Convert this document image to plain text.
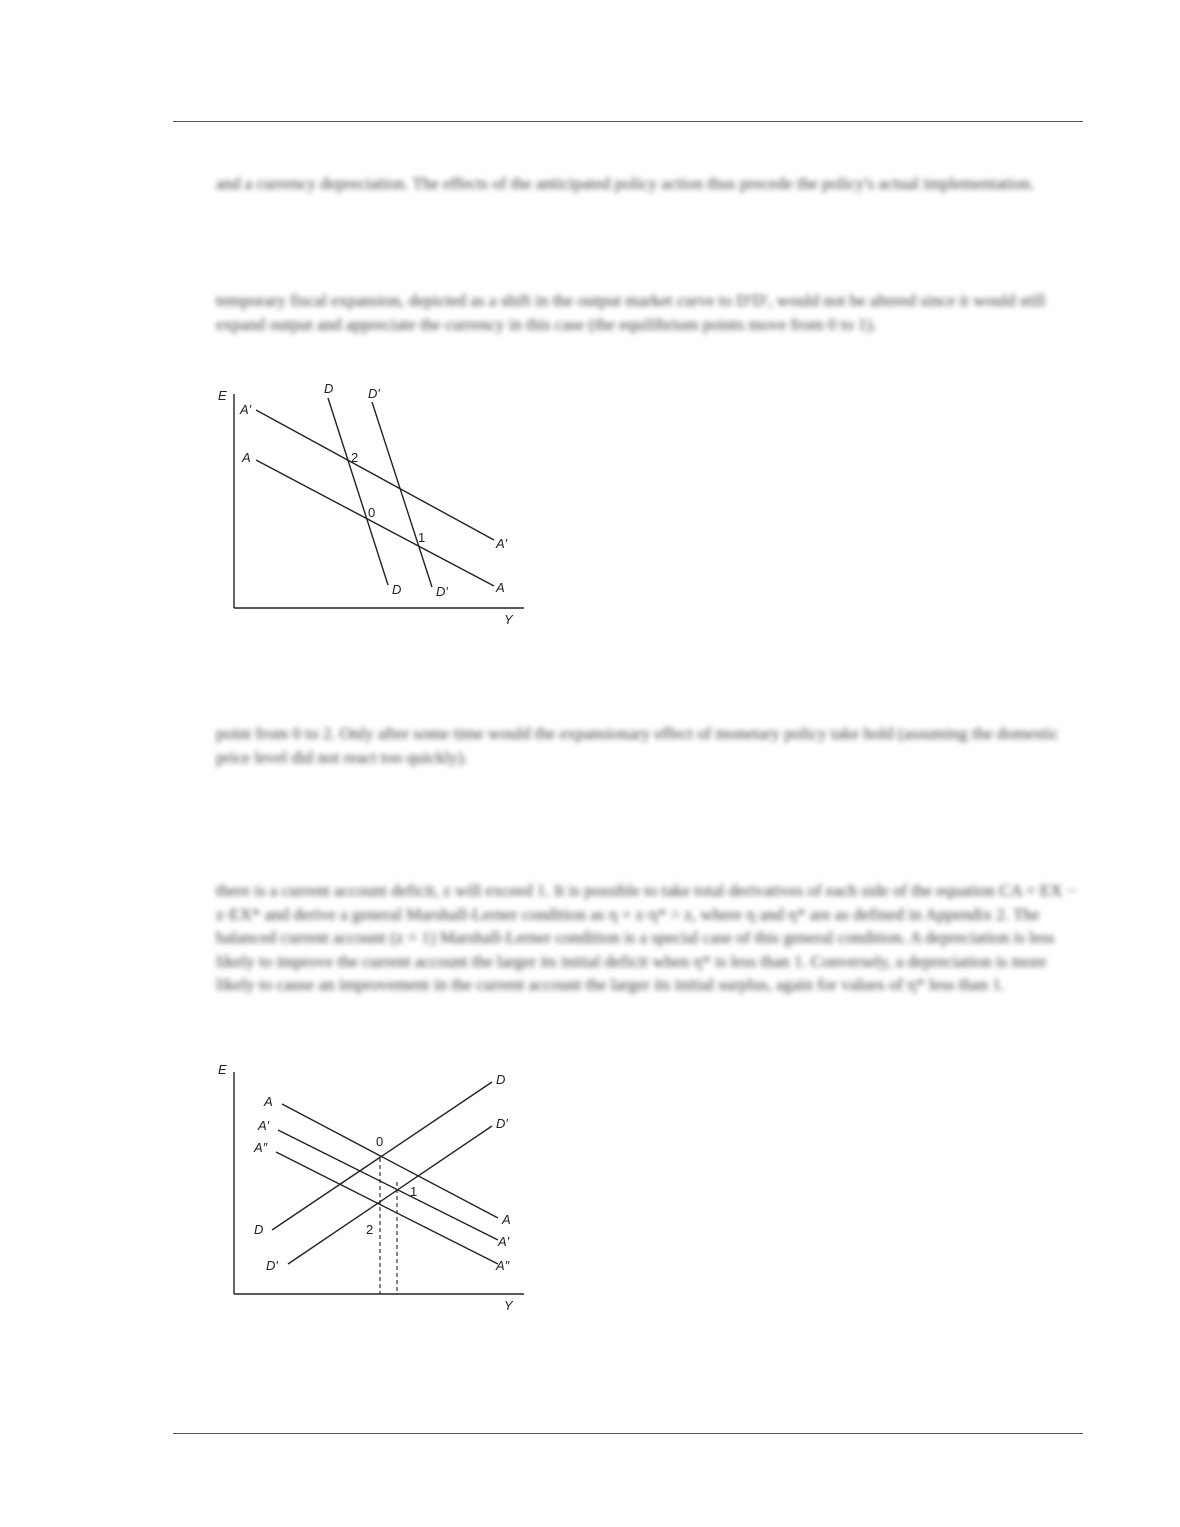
and a currency depreciation. The effects of the anticipated policy action thus precede the policy's actual implementation.

temporary fiscal expansion, depicted as a shift in the output market curve to D′D′, would not be altered since it would still expand output and appreciate the currency in this case (the equilibrium points move from 0 to 1).

E
Y
D	D′
A′
A
A′
A
D	D′
2
0
1

point from 0 to 2. Only after some time would the expansionary effect of monetary policy take hold (assuming the domestic price level did not react too quickly).

there is a current account deficit, z will exceed 1. It is possible to take total derivatives of each side of the equation CA = EX − z·EX* and derive a general Marshall-Lerner condition as η + z·η* > z, where η and η* are as defined in Appendix 2. The balanced current account (z = 1) Marshall-Lerner condition is a special case of this general condition. A depreciation is less likely to improve the current account the larger its initial deficit when η* is less than 1. Conversely, a depreciation is more likely to cause an improvement in the current account the larger its initial surplus, again for values of η* less than 1.

E
Y
A
A′
A″
D
D′
D
D′
A
A′
A″
0
1
2
